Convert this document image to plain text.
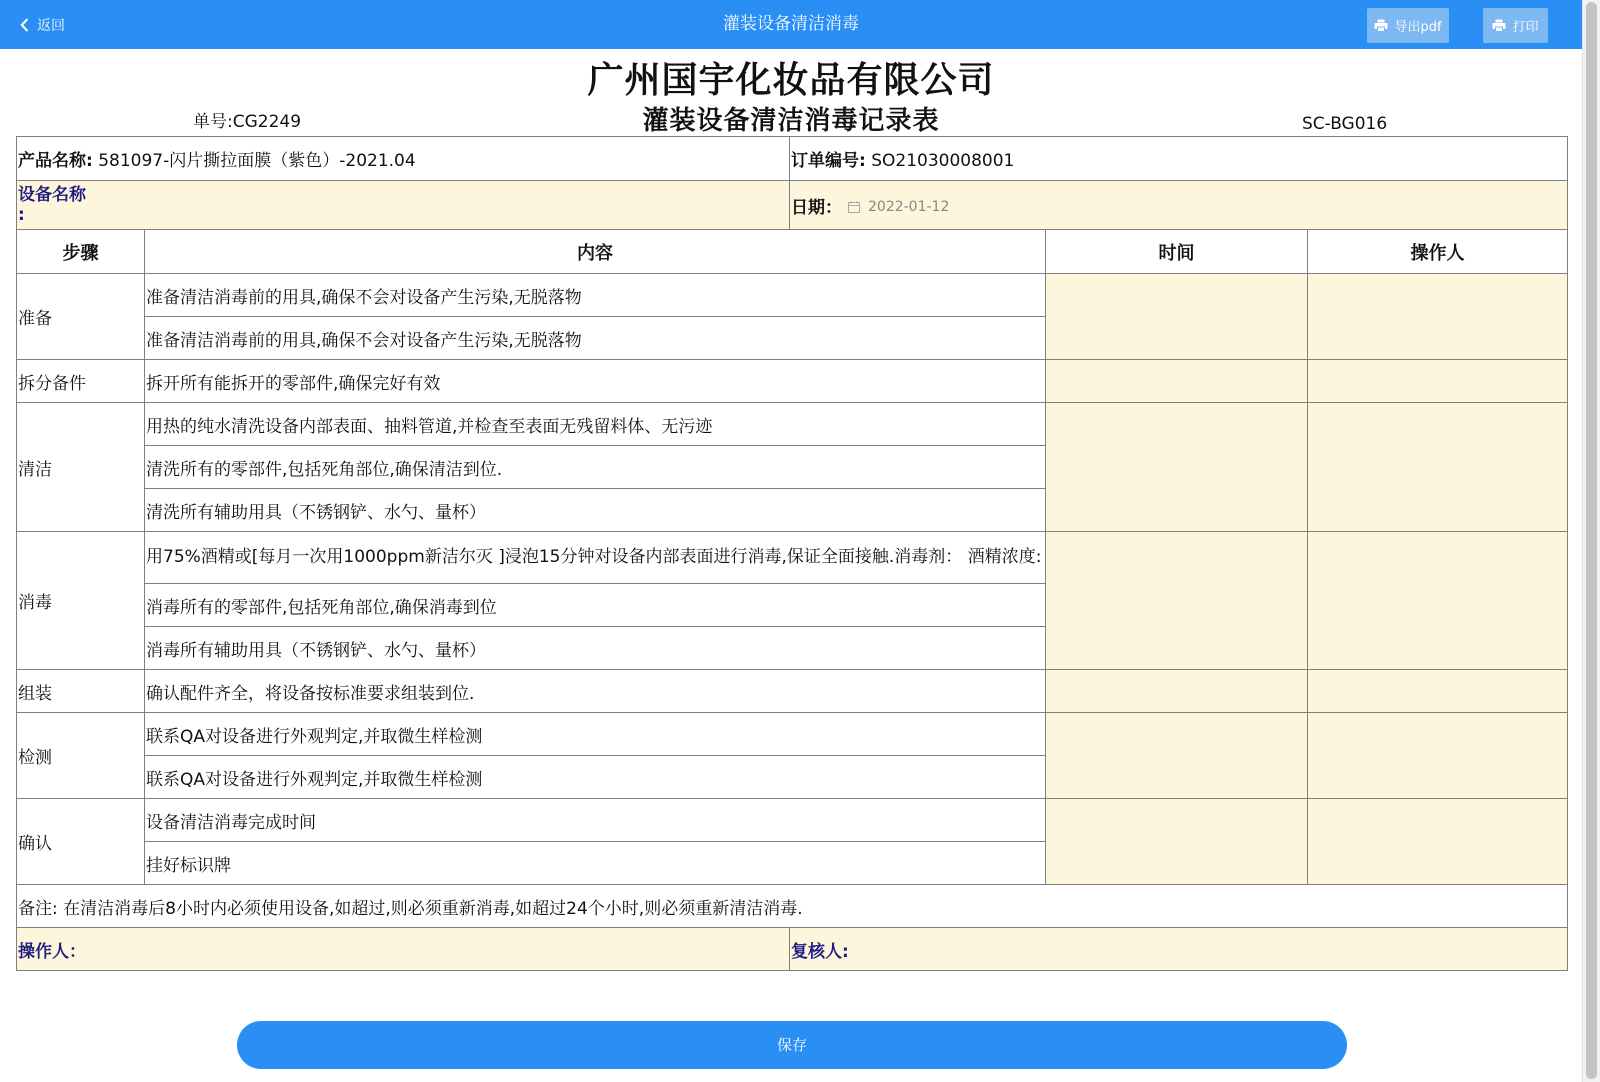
返回	灌装设备清洁消毒	导出pdf	打印
广州国宇化妆品有限公司
灌装设备清洁消毒记录表
单号:CG2249	SC-BG016
产品名称: 581097-闪片撕拉面膜（紫色）-2021.04		订单编号: SO21030008001		

设备名称
:		日期： 2022-01-12		

步骤	内容		时间	操作人
准备	准备清洁消毒前的用具,确保不会对设备产生污染,无脱落物			
	准备清洁消毒前的用具,确保不会对设备产生污染,无脱落物			
拆分备件	拆开所有能拆开的零部件,确保完好有效			
清洁	用热的纯水清洗设备内部表面、抽料管道,并检查至表面无残留料体、无污迹			
	清洗所有的零部件,包括死角部位,确保清洁到位.			
	清洗所有辅助用具（不锈钢铲、水勺、量杯）			
消毒	用75%酒精或[每月一次用1000ppm新洁尔灭 ]浸泡15分钟对设备内部表面进行消毒,保证全面接触.消毒剂： 酒精浓度:			
	消毒所有的零部件,包括死角部位,确保消毒到位			
	消毒所有辅助用具（不锈钢铲、水勺、量杯）			
组装	确认配件齐全，将设备按标准要求组装到位.			
检测	联系QA对设备进行外观判定,并取微生样检测			
	联系QA对设备进行外观判定,并取微生样检测			
确认	设备清洁消毒完成时间			
	挂好标识牌			
备注: 在清洁消毒后8小时内必须使用设备,如超过,则必须重新消毒,如超过24个小时,则必须重新清洁消毒.				
操作人：		复核人:		
保存
